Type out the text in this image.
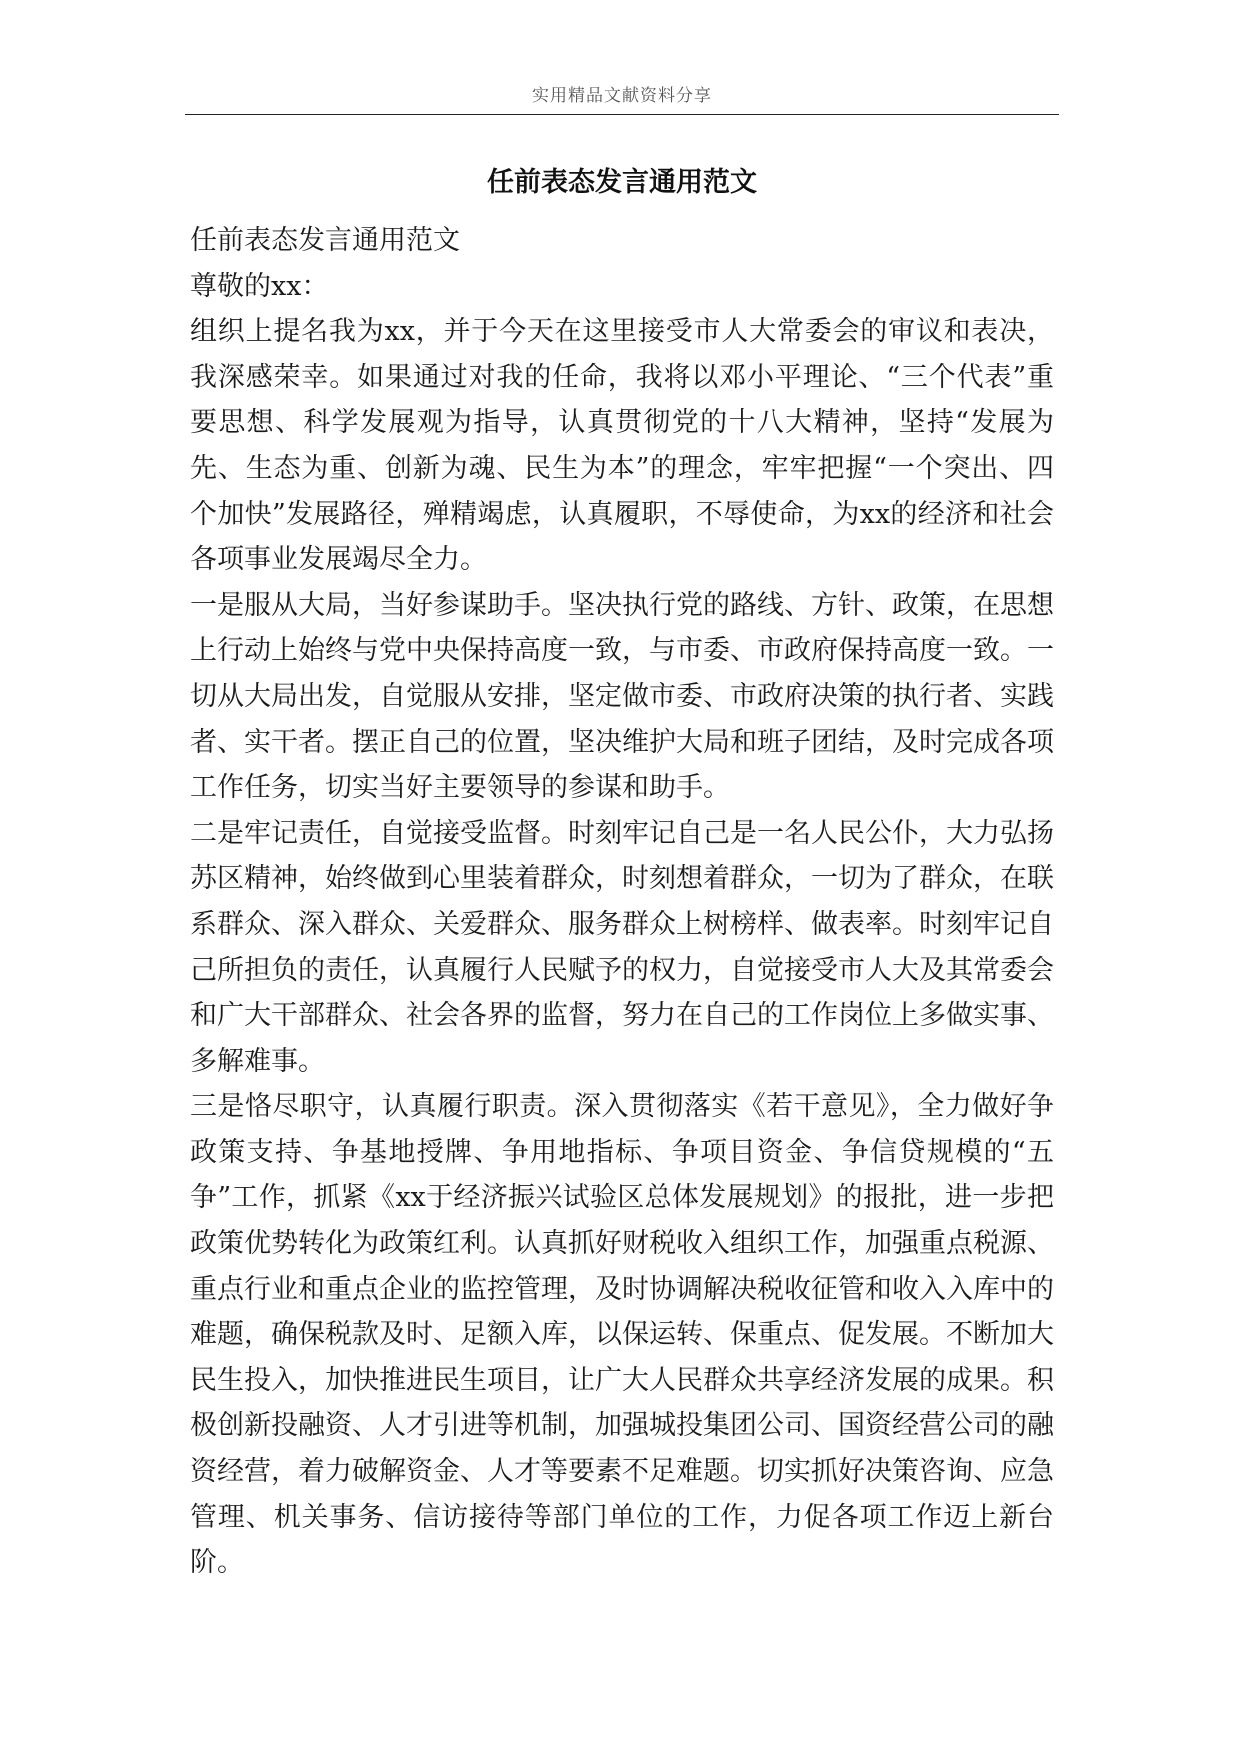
实用精品文献资料分享
任前表态发言通用范文

任前表态发言通用范文

尊敬的xx：

组织上提名我为xx，并于今天在这里接受市人大常委会的审议和表决，我深感荣幸。如果通过对我的任命，我将以邓小平理论、“三个代表”重要思想、科学发展观为指导，认真贯彻党的十八大精神，坚持“发展为先、生态为重、创新为魂、民生为本”的理念，牢牢把握“一个突出、四个加快”发展路径，殚精竭虑，认真履职，不辱使命，为xx的经济和社会各项事业发展竭尽全力。

一是服从大局，当好参谋助手。坚决执行党的路线、方针、政策，在思想上行动上始终与党中央保持高度一致，与市委、市政府保持高度一致。一切从大局出发，自觉服从安排，坚定做市委、市政府决策的执行者、实践者、实干者。摆正自己的位置，坚决维护大局和班子团结，及时完成各项工作任务，切实当好主要领导的参谋和助手。

二是牢记责任，自觉接受监督。时刻牢记自己是一名人民公仆，大力弘扬苏区精神，始终做到心里装着群众，时刻想着群众，一切为了群众，在联系群众、深入群众、关爱群众、服务群众上树榜样、做表率。时刻牢记自己所担负的责任，认真履行人民赋予的权力，自觉接受市人大及其常委会和广大干部群众、社会各界的监督，努力在自己的工作岗位上多做实事、多解难事。

三是恪尽职守，认真履行职责。深入贯彻落实《若干意见》，全力做好争政策支持、争基地授牌、争用地指标、争项目资金、争信贷规模的“五争”工作，抓紧《xx于经济振兴试验区总体发展规划》的报批，进一步把政策优势转化为政策红利。认真抓好财税收入组织工作，加强重点税源、重点行业和重点企业的监控管理，及时协调解决税收征管和收入入库中的难题，确保税款及时、足额入库，以保运转、保重点、促发展。不断加大民生投入，加快推进民生项目，让广大人民群众共享经济发展的成果。积极创新投融资、人才引进等机制，加强城投集团公司、国资经营公司的融资经营，着力破解资金、人才等要素不足难题。切实抓好决策咨询、应急管理、机关事务、信访接待等部门单位的工作，力促各项工作迈上新台阶。
